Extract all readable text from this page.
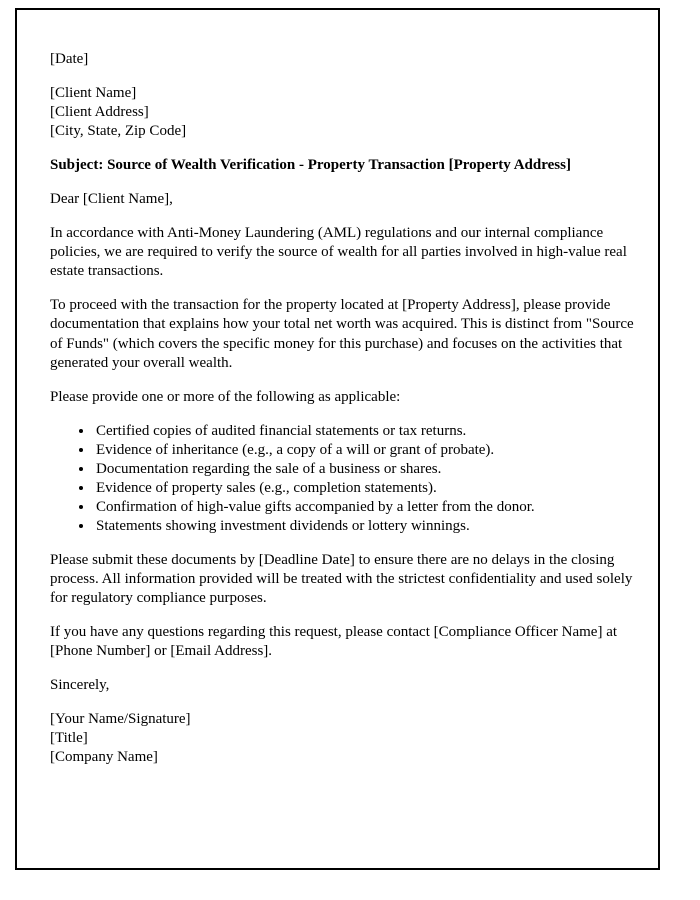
[Date]

[Client Name]

[Client Address]

[City, State, Zip Code]

Subject: Source of Wealth Verification - Property Transaction [Property Address]

Dear [Client Name],

In accordance with Anti-Money Laundering (AML) regulations and our internal compliance policies, we are required to verify the source of wealth for all parties involved in high-value real estate transactions.

To proceed with the transaction for the property located at [Property Address], please provide documentation that explains how your total net worth was acquired. This is distinct from "Source of Funds" (which covers the specific money for this purchase) and focuses on the activities that generated your overall wealth.

Please provide one or more of the following as applicable:

• Certified copies of audited financial statements or tax returns.
• Evidence of inheritance (e.g., a copy of a will or grant of probate).
• Documentation regarding the sale of a business or shares.
• Evidence of property sales (e.g., completion statements).
• Confirmation of high-value gifts accompanied by a letter from the donor.
• Statements showing investment dividends or lottery winnings.

Please submit these documents by [Deadline Date] to ensure there are no delays in the closing process. All information provided will be treated with the strictest confidentiality and used solely for regulatory compliance purposes.

If you have any questions regarding this request, please contact [Compliance Officer Name] at [Phone Number] or [Email Address].

Sincerely,

[Your Name/Signature]

[Title]

[Company Name]
